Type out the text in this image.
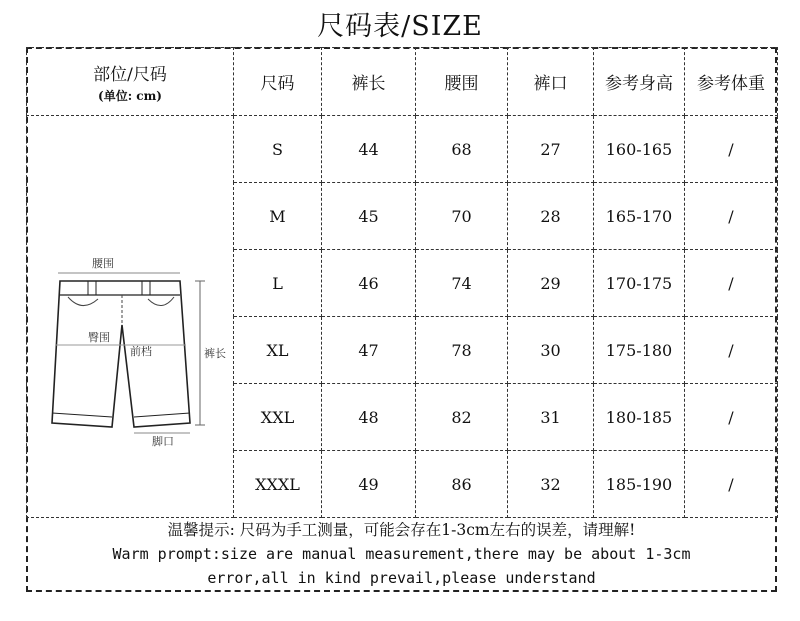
尺码表/SIZE
部位/尺码
(单位: cm)	尺码	裤长	腰围	裤口	参考身高	参考体重

腰围
臀围
前档 裤长
脚口	S	44	68	27	160-165	/
	M	45	70	28	165-170	/
	L	46	74	29	170-175	/
	XL	47	78	30	175-180	/
	XXL	48	82	31	180-185	/
	XXXL	49	86	32	185-190	/
温馨提示: 尺码为手工测量，可能会存在1-3cm左右的误差，请理解!
Warm prompt:size are manual measurement,there may be about 1-3cm
error,all in kind prevail,please understand
